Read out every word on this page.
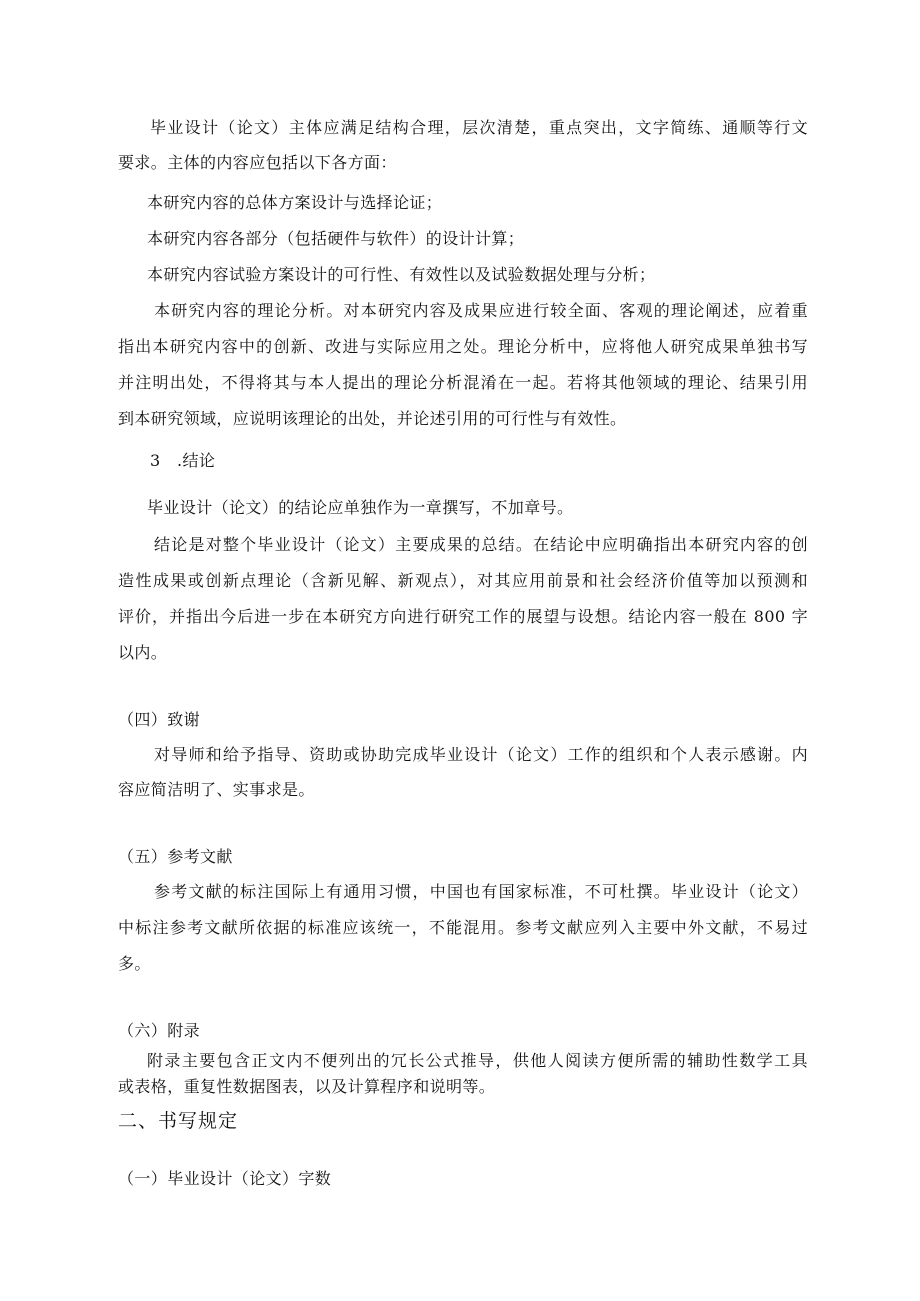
毕业设计（论文）主体应满足结构合理，层次清楚，重点突出，文字简练、通顺等行文
要求。主体的内容应包括以下各方面：
本研究内容的总体方案设计与选择论证；
本研究内容各部分（包括硬件与软件）的设计计算；
本研究内容试验方案设计的可行性、有效性以及试验数据处理与分析；
本研究内容的理论分析。对本研究内容及成果应进行较全面、客观的理论阐述，应着重
指出本研究内容中的创新、改进与实际应用之处。理论分析中，应将他人研究成果单独书写
并注明出处，不得将其与本人提出的理论分析混淆在一起。若将其他领域的理论、结果引用
到本研究领域，应说明该理论的出处，并论述引用的可行性与有效性。
3   .结论
毕业设计（论文）的结论应单独作为一章撰写，不加章号。
结论是对整个毕业设计（论文）主要成果的总结。在结论中应明确指出本研究内容的创
造性成果或创新点理论（含新见解、新观点），对其应用前景和社会经济价值等加以预测和
评价，并指出今后进一步在本研究方向进行研究工作的展望与设想。结论内容一般在 800 字
以内。
（四）致谢
对导师和给予指导、资助或协助完成毕业设计（论文）工作的组织和个人表示感谢。内
容应简洁明了、实事求是。
（五）参考文献
参考文献的标注国际上有通用习惯，中国也有国家标准，不可杜撰。毕业设计（论文）
中标注参考文献所依据的标准应该统一，不能混用。参考文献应列入主要中外文献，不易过
多。
（六）附录
附录主要包含正文内不便列出的冗长公式推导，供他人阅读方便所需的辅助性数学工具
或表格，重复性数据图表，以及计算程序和说明等。
二、书写规定
（一）毕业设计（论文）字数
